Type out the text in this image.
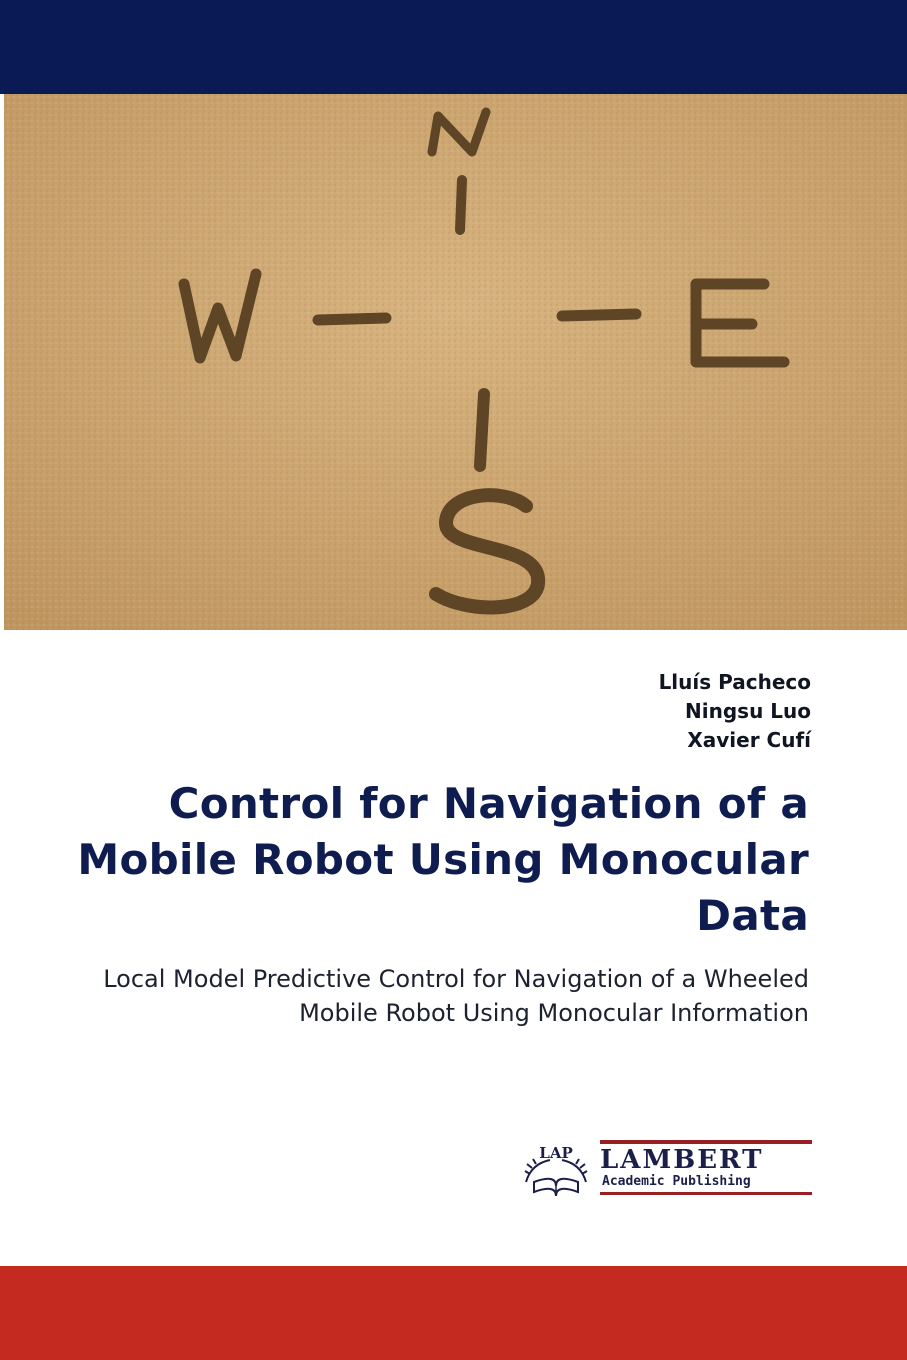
Lluís Pacheco
Ningsu Luo
Xavier Cufí
Control for Navigation of a Mobile Robot Using Monocular Data
Local Model Predictive Control for Navigation of a Wheeled Mobile Robot Using Monocular Information
LAP LAMBERT
Academic Publishing
